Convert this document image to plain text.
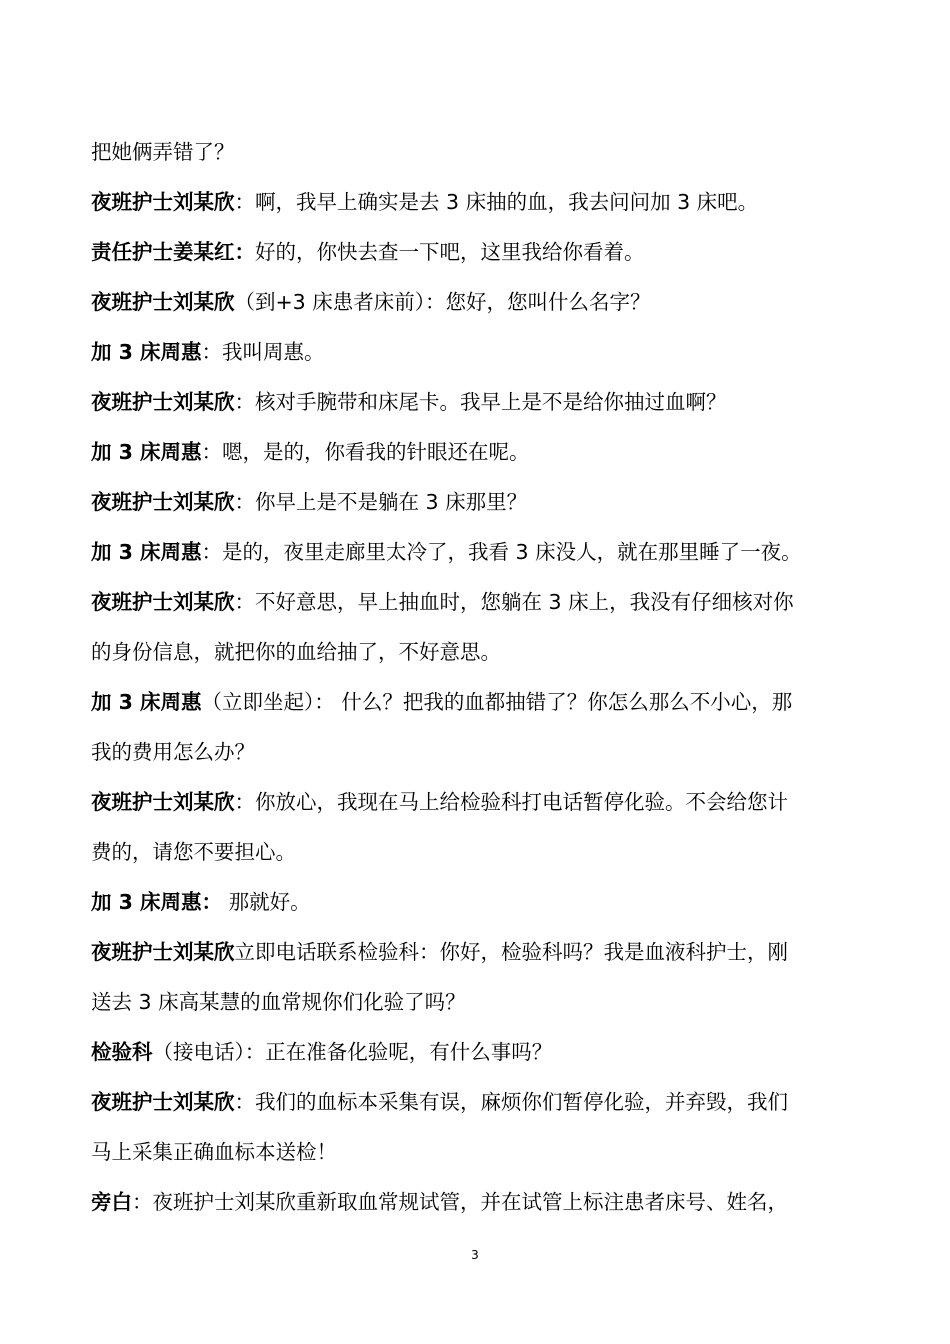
把她俩弄错了？
夜班护士刘某欣：啊，我早上确实是去 3 床抽的血，我去问问加 3 床吧。
责任护士姜某红：好的，你快去查一下吧，这里我给你看着。
夜班护士刘某欣（到+3 床患者床前）：您好，您叫什么名字？
加 3 床周惠：我叫周惠。
夜班护士刘某欣：核对手腕带和床尾卡。我早上是不是给你抽过血啊？
加 3 床周惠：嗯，是的，你看我的针眼还在呢。
夜班护士刘某欣：你早上是不是躺在 3 床那里？
加 3 床周惠：是的，夜里走廊里太冷了，我看 3 床没人，就在那里睡了一夜。
夜班护士刘某欣：不好意思，早上抽血时，您躺在 3 床上，我没有仔细核对你
的身份信息，就把你的血给抽了，不好意思。
加 3 床周惠（立即坐起）： 什么？把我的血都抽错了？你怎么那么不小心，那
我的费用怎么办？
夜班护士刘某欣：你放心，我现在马上给检验科打电话暂停化验。不会给您计
费的，请您不要担心。
加 3 床周惠： 那就好。
夜班护士刘某欣立即电话联系检验科：你好，检验科吗？我是血液科护士，刚
送去 3 床高某慧的血常规你们化验了吗？
检验科（接电话）：正在准备化验呢，有什么事吗？
夜班护士刘某欣：我们的血标本采集有误，麻烦你们暂停化验，并弃毁，我们
马上采集正确血标本送检！
旁白：夜班护士刘某欣重新取血常规试管，并在试管上标注患者床号、姓名，
3
